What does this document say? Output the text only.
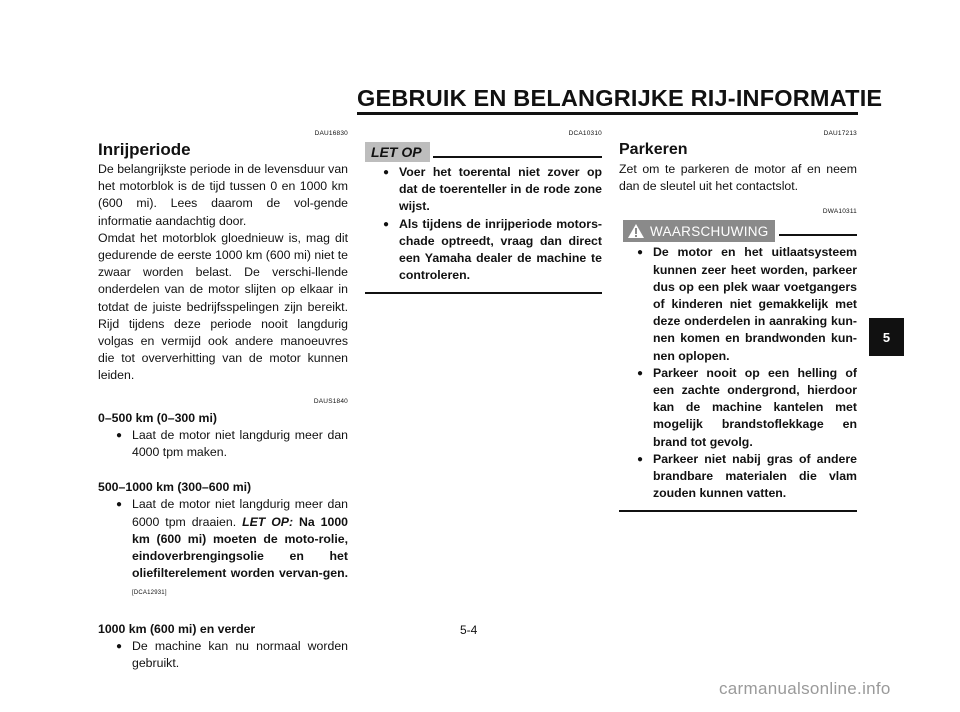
GEBRUIK EN BELANGRIJKE RIJ-INFORMATIE
DAU16830
Inrijperiode

De belangrijkste periode in de levensduur van het motorblok is de tijd tussen 0 en 1000 km (600 mi). Lees daarom de vol-gende informatie aandachtig door.

Omdat het motorblok gloednieuw is, mag dit gedurende de eerste 1000 km (600 mi) niet te zwaar worden belast. De verschi-llende onderdelen van de motor slijten op elkaar in totdat de juiste bedrijfsspelingen zijn bereikt. Rijd tijdens deze periode nooit langdurig volgas en vermijd ook andere manoeuvres die tot oververhitting van de motor kunnen leiden.

DAUS1840
0–500 km (0–300 mi)
● Laat de motor niet langdurig meer dan 4000 tpm maken.
500–1000 km (300–600 mi)
● Laat de motor niet langdurig meer dan 6000 tpm draaien. LET OP: Na 1000 km (600 mi) moeten de moto-rolie, eindoverbrengingsolie en het oliefilterelement worden vervan-gen. [DCA12931]
1000 km (600 mi) en verder
● De machine kan nu normaal worden gebruikt.
DCA10310
LET OP
● Voer het toerental niet zover op dat de toerenteller in de rode zone wijst.
● Als tijdens de inrijperiode motors-chade optreedt, vraag dan direct een Yamaha dealer de machine te controleren.
DAU17213
Parkeren

Zet om te parkeren de motor af en neem dan de sleutel uit het contactslot.

DWA10311
WAARSCHUWING
● De motor en het uitlaatsysteem kunnen zeer heet worden, parkeer dus op een plek waar voetgangers of kinderen niet gemakkelijk met deze onderdelen in aanraking kun-nen komen en brandwonden kun-nen oplopen.
● Parkeer nooit op een helling of een zachte ondergrond, hierdoor kan de machine kantelen met mogelijk brandstoflekkage en brand tot gevolg.
● Parkeer niet nabij gras of andere brandbare materialen die vlam zouden kunnen vatten.
5
5-4
carmanualsonline.info
